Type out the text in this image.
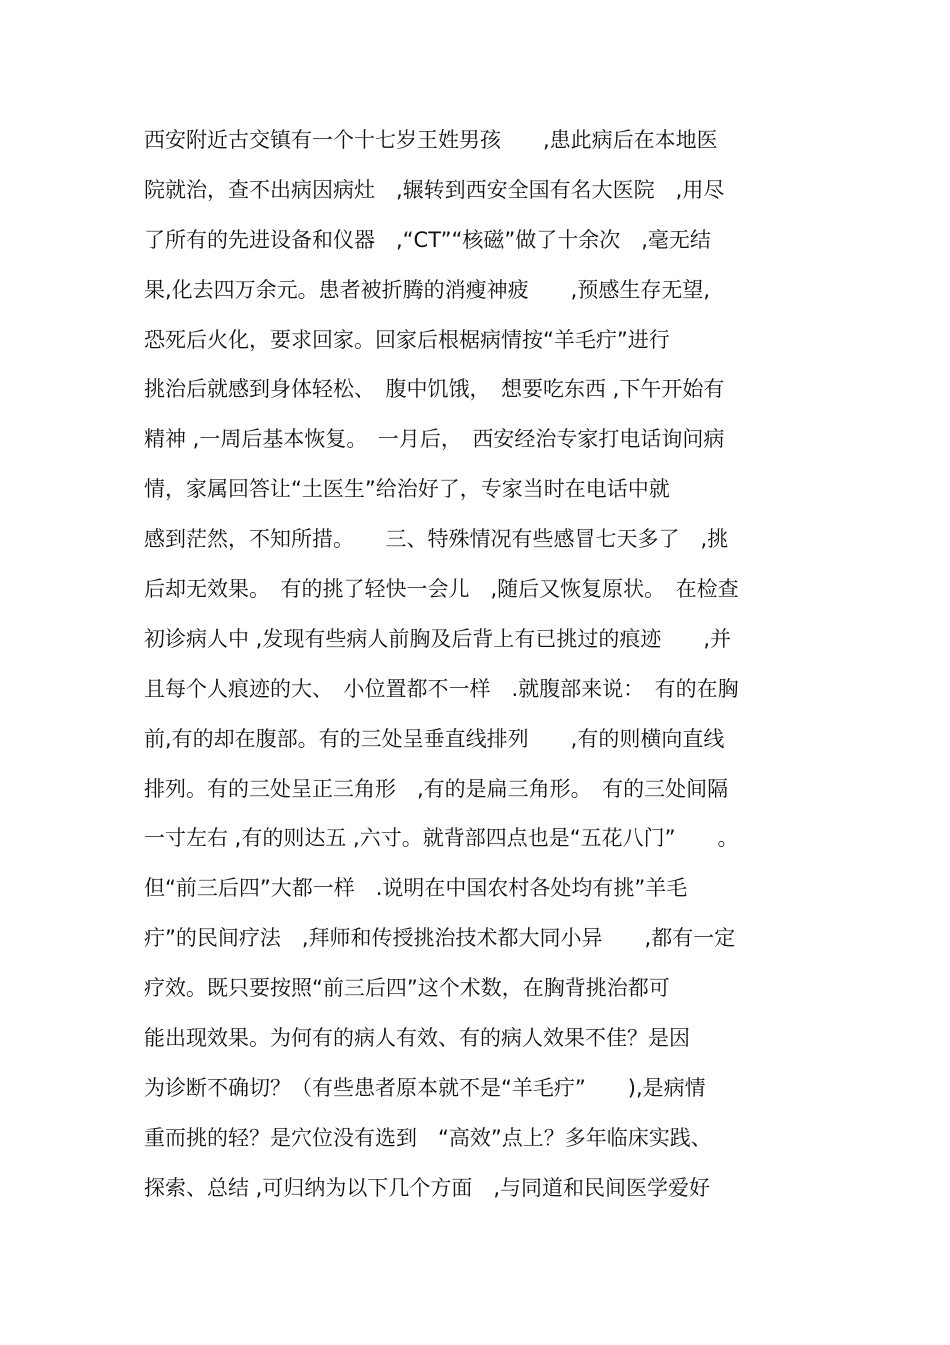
西安附近古交镇有一个十七岁王姓男孩　　,患此病后在本地医
院就治，查不出病因病灶　,辗转到西安全国有名大医院　,用尽
了所有的先进设备和仪器　,“CT”“核磁”做了十余次　,毫无结
果,化去四万余元。患者被折腾的消瘦神疲　　,预感生存无望,
恐死后火化，要求回家。回家后根椐病情按“羊毛疔”进行
挑治后就感到身体轻松、　腹中饥饿，　想要吃东西 ,下午开始有
精神 ,一周后基本恢复。　一月后，　西安经治专家打电话询问病
情，家属回答让“土医生”给治好了，专家当时在电话中就
感到茫然，不知所措。　　三、特殊情况有些感冒七天多了　,挑
后却无效果。　有的挑了轻快一会儿　,随后又恢复原状。　在检查
初诊病人中 ,发现有些病人前胸及后背上有已挑过的痕迹　　,并
且每个人痕迹的大、　小位置都不一样　.就腹部来说：　有的在胸
前,有的却在腹部。有的三处呈垂直线排列　　,有的则横向直线
排列。有的三处呈正三角形　,有的是扁三角形。　有的三处间隔
一寸左右 ,有的则达五 ,六寸。就背部四点也是“五花八门”　　。
但“前三后四”大都一样　.说明在中国农村各处均有挑”羊毛
疔”的民间疗法　,拜师和传授挑治技术都大同小异　　,都有一定
疗效。既只要按照“前三后四”这个术数，在胸背挑治都可
能出现效果。为何有的病人有效、有的病人效果不佳？是因
为诊断不确切？（有些患者原本就不是“羊毛疔”　　),是病情
重而挑的轻？是穴位没有选到　“高效”点上？多年临床实践、
探索、总结 ,可归纳为以下几个方面　,与同道和民间医学爱好
